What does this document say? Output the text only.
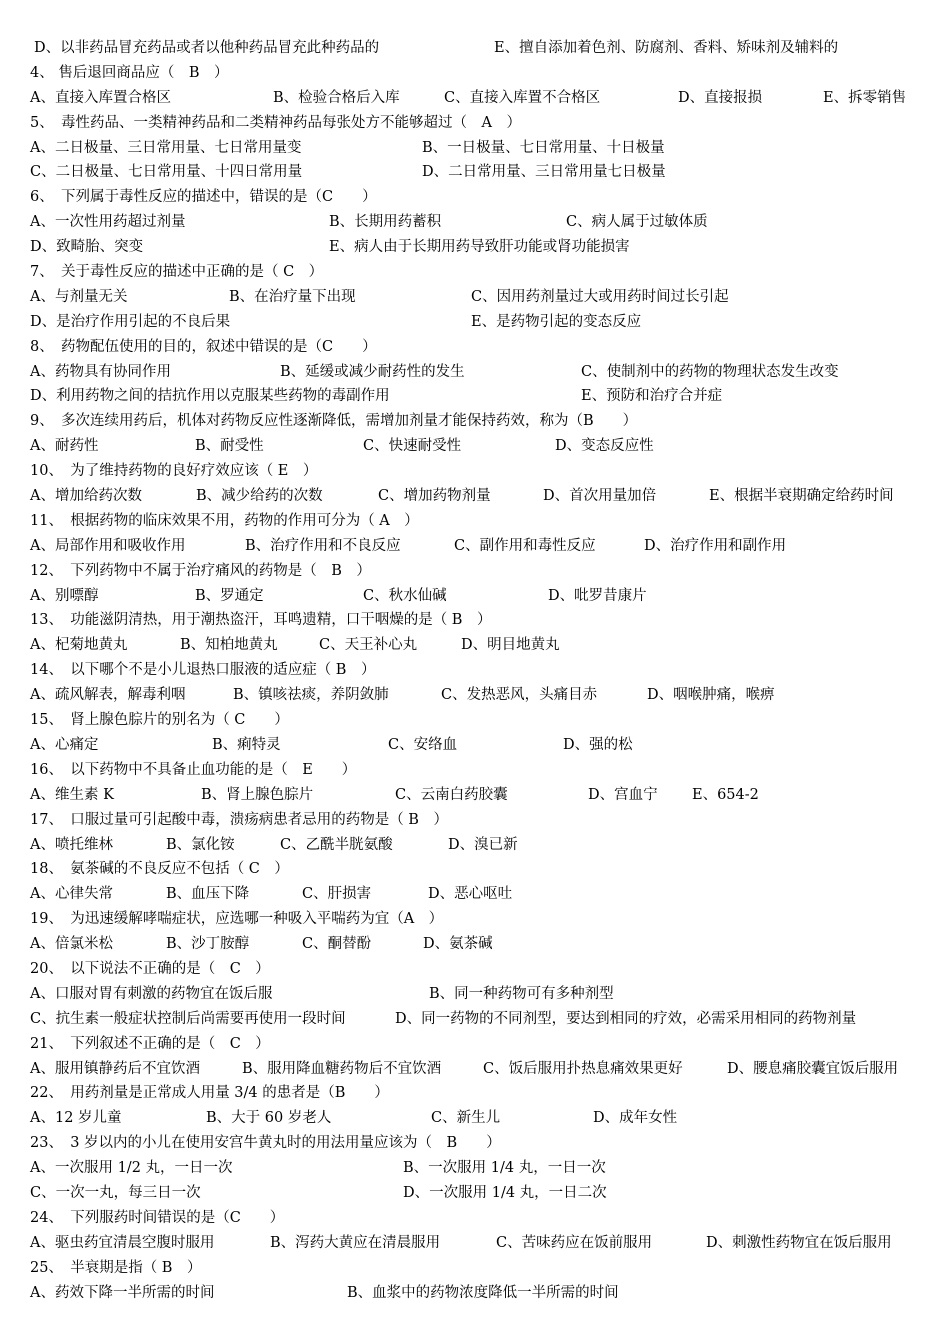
D、以非药品冒充药品或者以他种药品冒充此种药品的	E、擅自添加着色剂、防腐剂、香料、矫味剂及辅料的
4、 售后退回商品应（　B　）
A、直接入库置合格区	B、检验合格后入库	C、直接入库置不合格区	D、直接报损	E、拆零销售
5、　毒性药品、一类精神药品和二类精神药品每张处方不能够超过（　A　）
A、二日极量、三日常用量、七日常用量变	B、一日极量、七日常用量、十日极量
C、二日极量、七日常用量、十四日常用量	D、二日常用量、三日常用量七日极量
6、　下列属于毒性反应的描述中，错误的是（C　　）
A、一次性用药超过剂量	B、长期用药蓄积	C、病人属于过敏体质
D、致畸胎、突变	E、病人由于长期用药导致肝功能或肾功能损害
7、　关于毒性反应的描述中正确的是（ C　）
A、与剂量无关	B、在治疗量下出现	C、因用药剂量过大或用药时间过长引起
D、是治疗作用引起的不良后果	E、是药物引起的变态反应
8、　药物配伍使用的目的，叙述中错误的是（C　　）
A、药物具有协同作用	B、延缓或减少耐药性的发生	C、使制剂中的药物的物理状态发生改变
D、利用药物之间的拮抗作用以克服某些药物的毒副作用	E、预防和治疗合并症
9、　多次连续用药后，机体对药物反应性逐渐降低，需增加剂量才能保持药效，称为（B　　）
A、耐药性	B、耐受性	C、快速耐受性	D、变态反应性
10、　为了维持药物的良好疗效应该（ E　）
A、增加给药次数	B、减少给药的次数	C、增加药物剂量	D、首次用量加倍	E、根据半衰期确定给药时间
11、　根据药物的临床效果不用，药物的作用可分为（ A　）
A、局部作用和吸收作用	B、治疗作用和不良反应	C、副作用和毒性反应	D、治疗作用和副作用
12、　下列药物中不属于治疗痛风的药物是（　B　）
A、别嘌醇	B、罗通定	C、秋水仙碱	D、吡罗昔康片
13、　功能滋阴清热，用于潮热盗汗，耳鸣遗精，口干咽燥的是（ B　）
A、杞菊地黄丸	B、知柏地黄丸	C、天王补心丸	D、明目地黄丸
14、　以下哪个不是小儿退热口服液的适应症（ B　）
A、疏风解表，解毒利咽	B、镇咳祛痰，养阴敛肺	C、发热恶风，头痛目赤	D、咽喉肿痛，喉痹
15、　肾上腺色腙片的别名为（ C　　）
A、心痛定	B、痢特灵	C、安络血	D、强的松
16、　以下药物中不具备止血功能的是（　E　　）
A、维生素 K	B、肾上腺色腙片	C、云南白药胶囊	D、宫血宁 E、654-2
17、　口服过量可引起酸中毒，溃疡病患者忌用的药物是（ B　）
A、喷托维林	B、氯化铵	C、乙酰半胱氨酸	D、溴已新
18、　氨茶碱的不良反应不包括（ C　）
A、心律失常	B、血压下降	C、肝损害	D、恶心呕吐
19、　为迅速缓解哮喘症状，应选哪一种吸入平喘药为宜（A　）
A、倍氯米松	B、沙丁胺醇	C、酮替酚	D、氨茶碱
20、　以下说法不正确的是（　C　）
A、口服对胃有刺激的药物宜在饭后服	B、同一种药物可有多种剂型
C、抗生素一般症状控制后尚需要再使用一段时间	D、同一药物的不同剂型，要达到相同的疗效，必需采用相同的药物剂量
21、　下列叙述不正确的是（　C　）
A、服用镇静药后不宜饮酒	B、服用降血糖药物后不宜饮酒	C、饭后服用扑热息痛效果更好	D、腰息痛胶囊宜饭后服用
22、　用药剂量是正常成人用量 3/4 的患者是（B　　）
A、12 岁儿童	B、大于 60 岁老人	C、新生儿	D、成年女性
23、　3 岁以内的小儿在使用安宫牛黄丸时的用法用量应该为（　B　　）
A、一次服用 1/2 丸，一日一次	B、一次服用 1/4 丸，一日一次
C、一次一丸，每三日一次	D、一次服用 1/4 丸，一日二次
24、　下列服药时间错误的是（C　　）
A、驱虫药宜清晨空腹时服用	B、泻药大黄应在清晨服用	C、苦味药应在饭前服用	D、刺激性药物宜在饭后服用
25、　半衰期是指（ B　）
A、药效下降一半所需的时间	B、血浆中的药物浓度降低一半所需的时间
